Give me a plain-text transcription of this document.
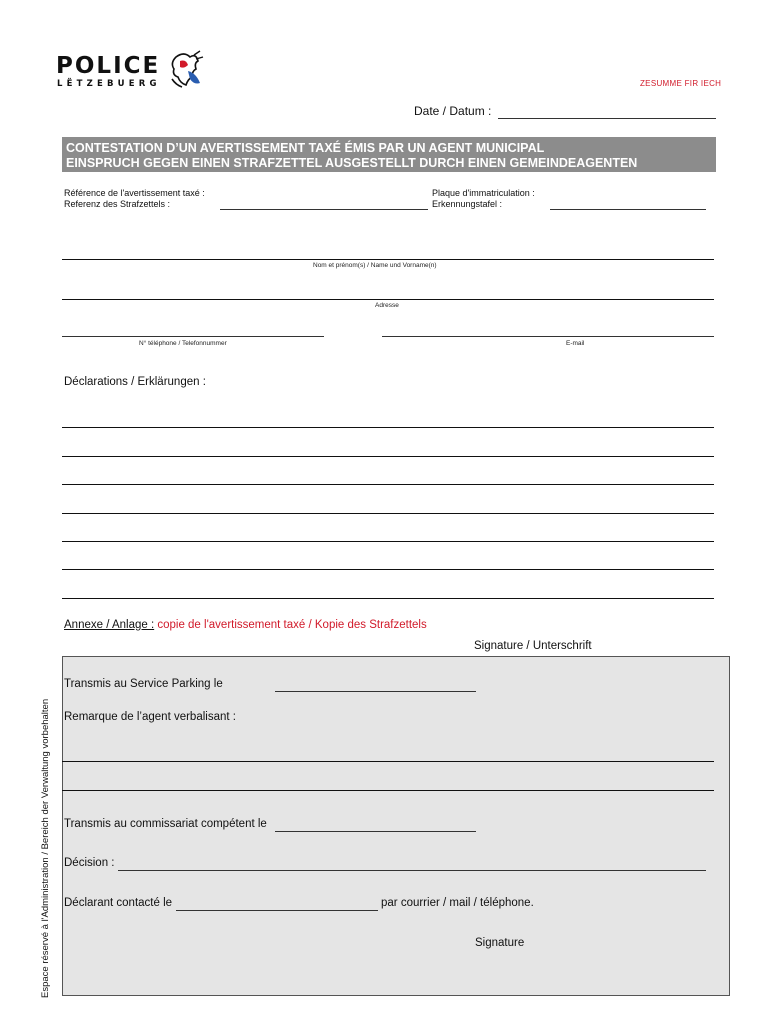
POLICE
LËTZEBUERG	ZESUMME FIR IECH
Date / Datum :
CONTESTATION D’UN AVERTISSEMENT TAXÉ ÉMIS PAR UN AGENT MUNICIPAL
EINSPRUCH GEGEN EINEN STRAFZETTEL AUSGESTELLT DURCH EINEN GEMEINDEAGENTEN
Référence de l'avertissement taxé :
Referenz des Strafzettels :
Plaque d'immatriculation :
Erkennungstafel :
Nom et prénom(s) / Name und Vorname(n)
Adresse
N° téléphone / Telefonnummer	E-mail
Déclarations / Erklärungen :
Annexe / Anlage : copie de l'avertissement taxé / Kopie des Strafzettels
Signature / Unterschrift
Espace réservé à l'Administration / Bereich der Verwaltung vorbehalten
Transmis au Service Parking le
Remarque de l’agent verbalisant :
Transmis au commissariat compétent le
Décision :
Déclarant contacté le	par courrier / mail / téléphone.
Signature
